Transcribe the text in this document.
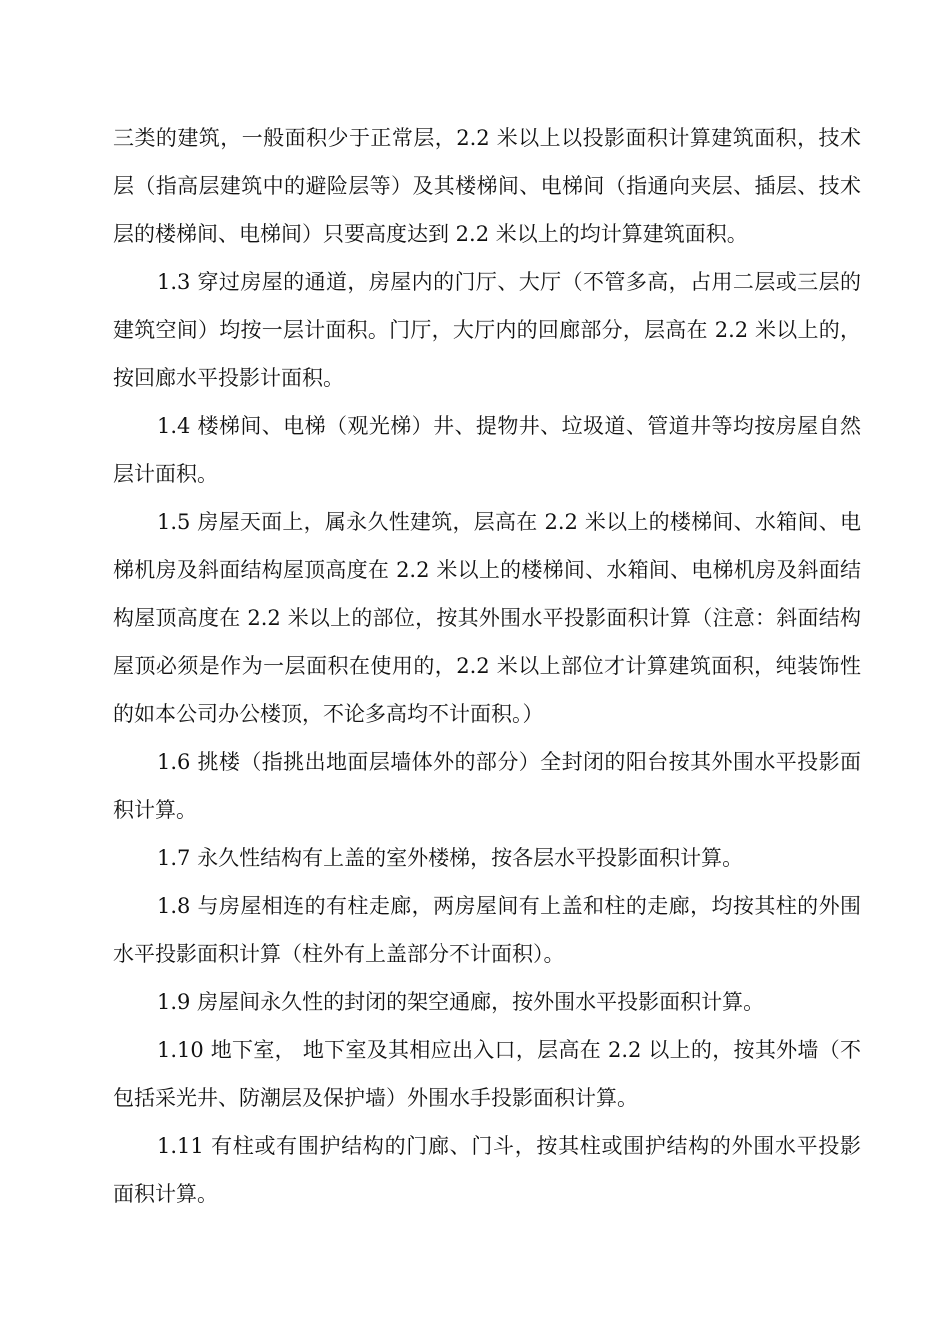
三类的建筑，一般面积少于正常层，2.2 米以上以投影面积计算建筑面积，技术层（指高层建筑中的避险层等）及其楼梯间、电梯间（指通向夹层、插层、技术层的楼梯间、电梯间）只要高度达到 2.2 米以上的均计算建筑面积。

1.3 穿过房屋的通道，房屋内的门厅、大厅（不管多高，占用二层或三层的建筑空间）均按一层计面积。门厅，大厅内的回廊部分，层高在 2.2 米以上的，按回廊水平投影计面积。

1.4 楼梯间、电梯（观光梯）井、提物井、垃圾道、管道井等均按房屋自然层计面积。

1.5 房屋天面上，属永久性建筑，层高在 2.2 米以上的楼梯间、水箱间、电梯机房及斜面结构屋顶高度在 2.2 米以上的楼梯间、水箱间、电梯机房及斜面结构屋顶高度在 2.2 米以上的部位，按其外围水平投影面积计算（注意：斜面结构屋顶必须是作为一层面积在使用的，2.2 米以上部位才计算建筑面积，纯装饰性的如本公司办公楼顶，不论多高均不计面积。）

1.6 挑楼（指挑出地面层墙体外的部分）全封闭的阳台按其外围水平投影面积计算。

1.7 永久性结构有上盖的室外楼梯，按各层水平投影面积计算。

1.8 与房屋相连的有柱走廊，两房屋间有上盖和柱的走廊，均按其柱的外围水平投影面积计算（柱外有上盖部分不计面积）。

1.9 房屋间永久性的封闭的架空通廊，按外围水平投影面积计算。

1.10 地下室， 地下室及其相应出入口，层高在 2.2 以上的，按其外墙（不包括采光井、防潮层及保护墙）外围水手投影面积计算。

1.11 有柱或有围护结构的门廊、门斗，按其柱或围护结构的外围水平投影面积计算。
